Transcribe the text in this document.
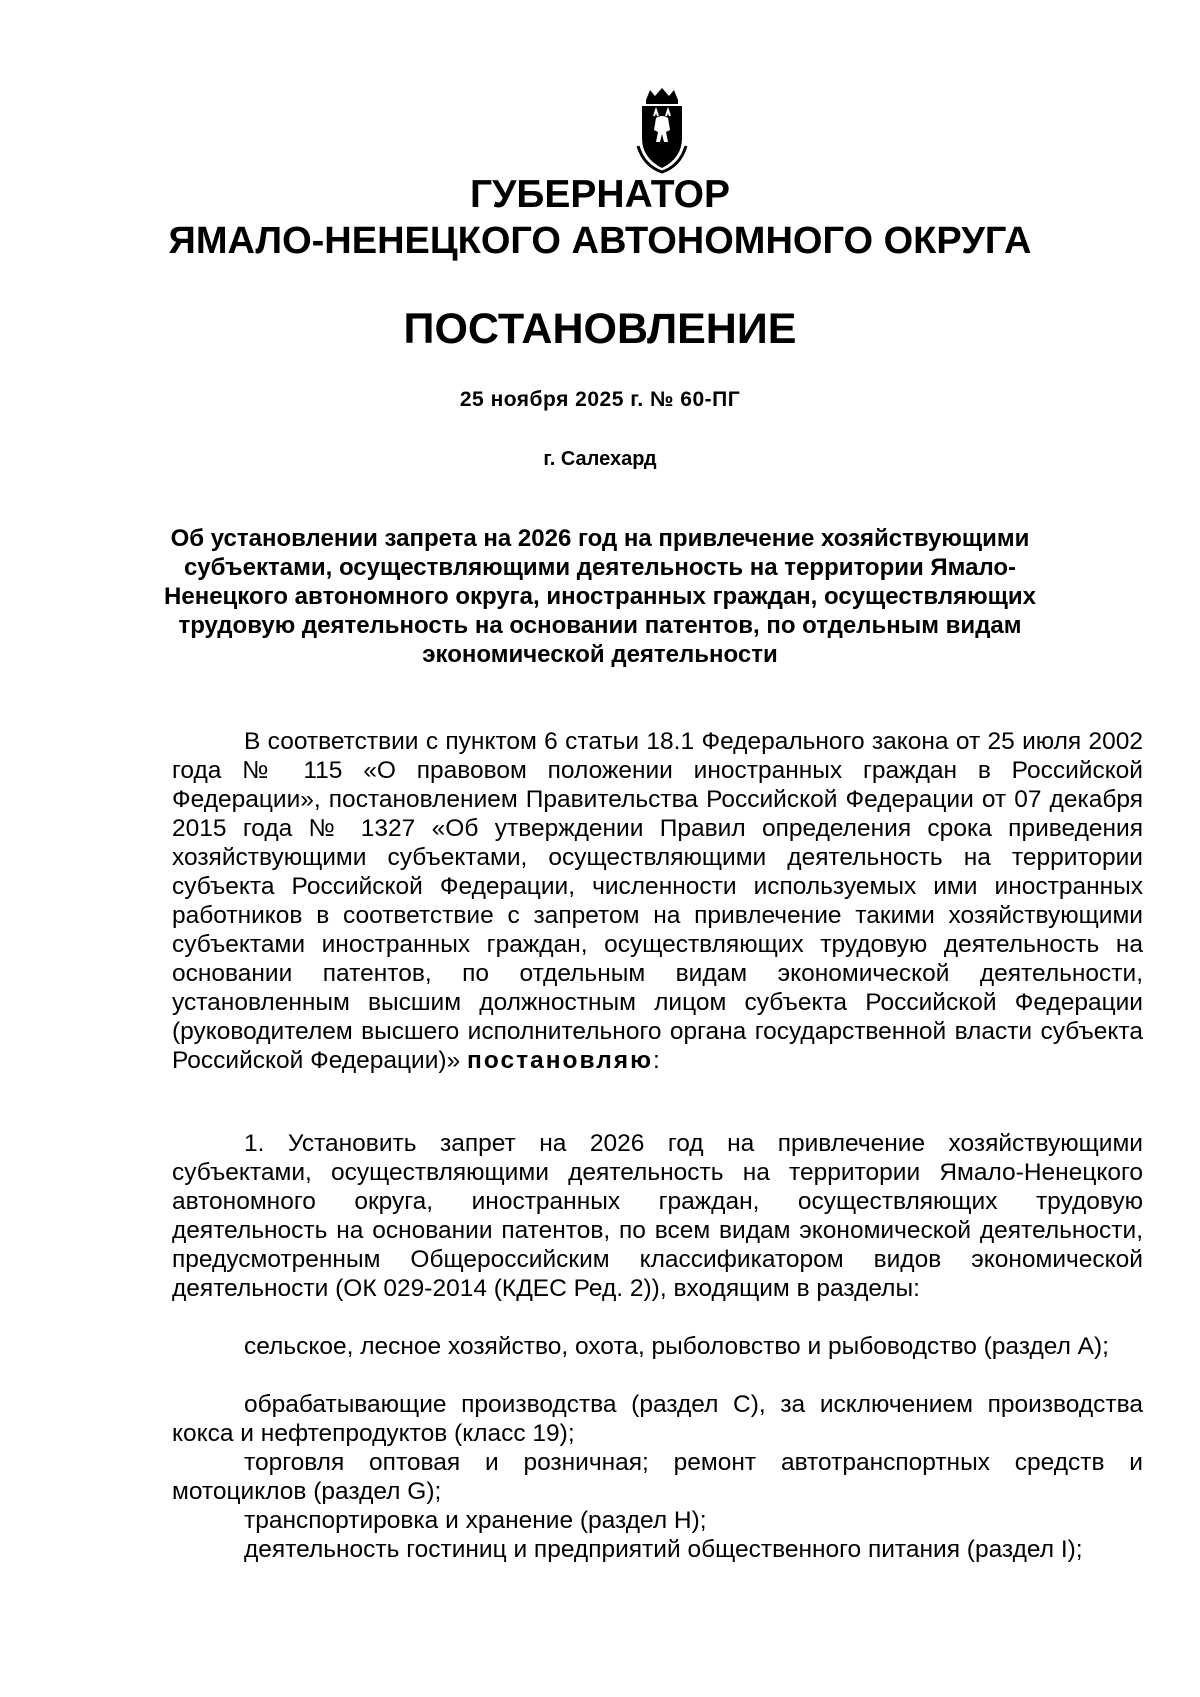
ГУБЕРНАТОР
ЯМАЛО-НЕНЕЦКОГО АВТОНОМНОГО ОКРУГА
ПОСТАНОВЛЕНИЕ
25 ноября 2025 г. № 60-ПГ
г. Салехард
Об установлении запрета на 2026 год на привлечение хозяйствующими субъектами, осуществляющими деятельность на территории Ямало-Ненецкого автономного округа, иностранных граждан, осуществляющих трудовую деятельность на основании патентов, по отдельным видам экономической деятельности

В соответствии с пунктом 6 статьи 18.1 Федерального закона от 25 июля 2002 года № 115 «О правовом положении иностранных граждан в Российской Федерации», постановлением Правительства Российской Федерации от 07 декабря 2015 года № 1327 «Об утверждении Правил определения срока приведения хозяйствующими субъектами, осуществляющими деятельность на территории субъекта Российской Федерации, численности используемых ими иностранных работников в соответствие с запретом на привлечение такими хозяйствующими субъектами иностранных граждан, осуществляющих трудовую деятельность на основании патентов, по отдельным видам экономической деятельности, установленным высшим должностным лицом субъекта Российской Федерации (руководителем высшего исполнительного органа государственной власти субъекта Российской Федерации)» постановляю:

1. Установить запрет на 2026 год на привлечение хозяйствующими субъектами, осуществляющими деятельность на территории Ямало-Ненецкого автономного округа, иностранных граждан, осуществляющих трудовую деятельность на основании патентов, по всем видам экономической деятельности, предусмотренным Общероссийским классификатором видов экономической деятельности (ОК 029-2014 (КДЕС Ред. 2)), входящим в разделы:

сельское, лесное хозяйство, охота, рыболовство и рыбоводство (раздел A);

обрабатывающие производства (раздел C), за исключением производства кокса и нефтепродуктов (класс 19);

торговля оптовая и розничная; ремонт автотранспортных средств и мотоциклов (раздел G);

транспортировка и хранение (раздел H);

деятельность гостиниц и предприятий общественного питания (раздел I);
